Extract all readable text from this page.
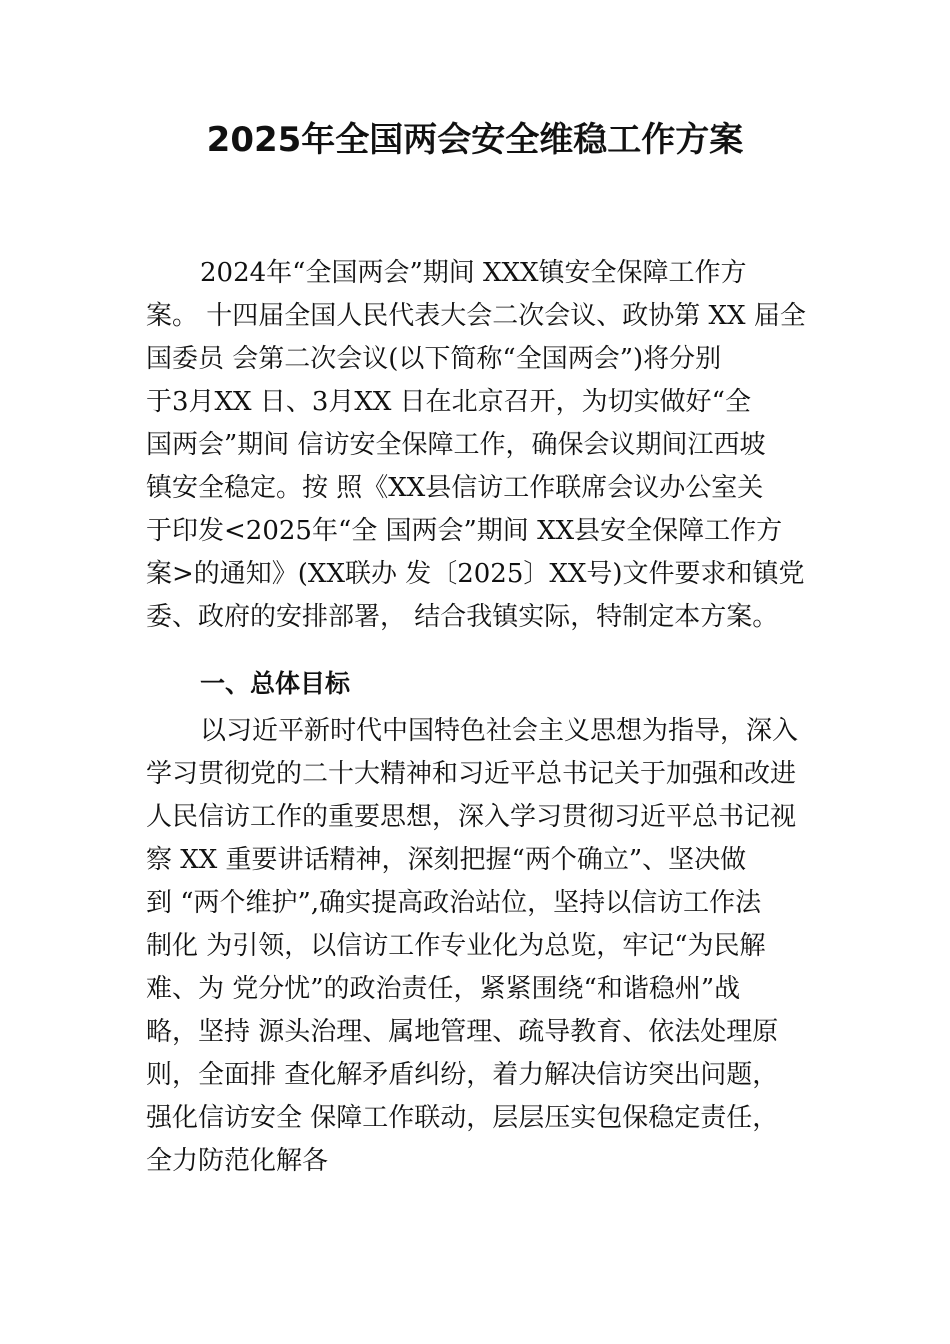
2025年全国两会安全维稳工作方案
2024年“全国两会”期间 XXX镇安全保障工作方
案。 十四届全国人民代表大会二次会议、政协第 XX 届全
国委员 会第二次会议(以下简称“全国两会”)将分别
于3月XX 日、3月XX 日在北京召开，为切实做好“全
国两会”期间 信访安全保障工作，确保会议期间江西坡
镇安全稳定。按 照《XX县信访工作联席会议办公室关
于印发<2025年“全 国两会”期间 XX县安全保障工作方
案>的通知》(XX联办 发〔2025〕XX号)文件要求和镇党
委、政府的安排部署， 结合我镇实际，特制定本方案。
一、总体目标
以习近平新时代中国特色社会主义思想为指导，深入
学习贯彻党的二十大精神和习近平总书记关于加强和改进
人民信访工作的重要思想，深入学习贯彻习近平总书记视
察 XX 重要讲话精神，深刻把握“两个确立”、坚决做
到 “两个维护”,确实提高政治站位，坚持以信访工作法
制化 为引领，以信访工作专业化为总览，牢记“为民解
难、为 党分忧”的政治责任，紧紧围绕“和谐稳州”战
略，坚持 源头治理、属地管理、疏导教育、依法处理原
则，全面排 查化解矛盾纠纷，着力解决信访突出问题，
强化信访安全 保障工作联动，层层压实包保稳定责任，
全力防范化解各
